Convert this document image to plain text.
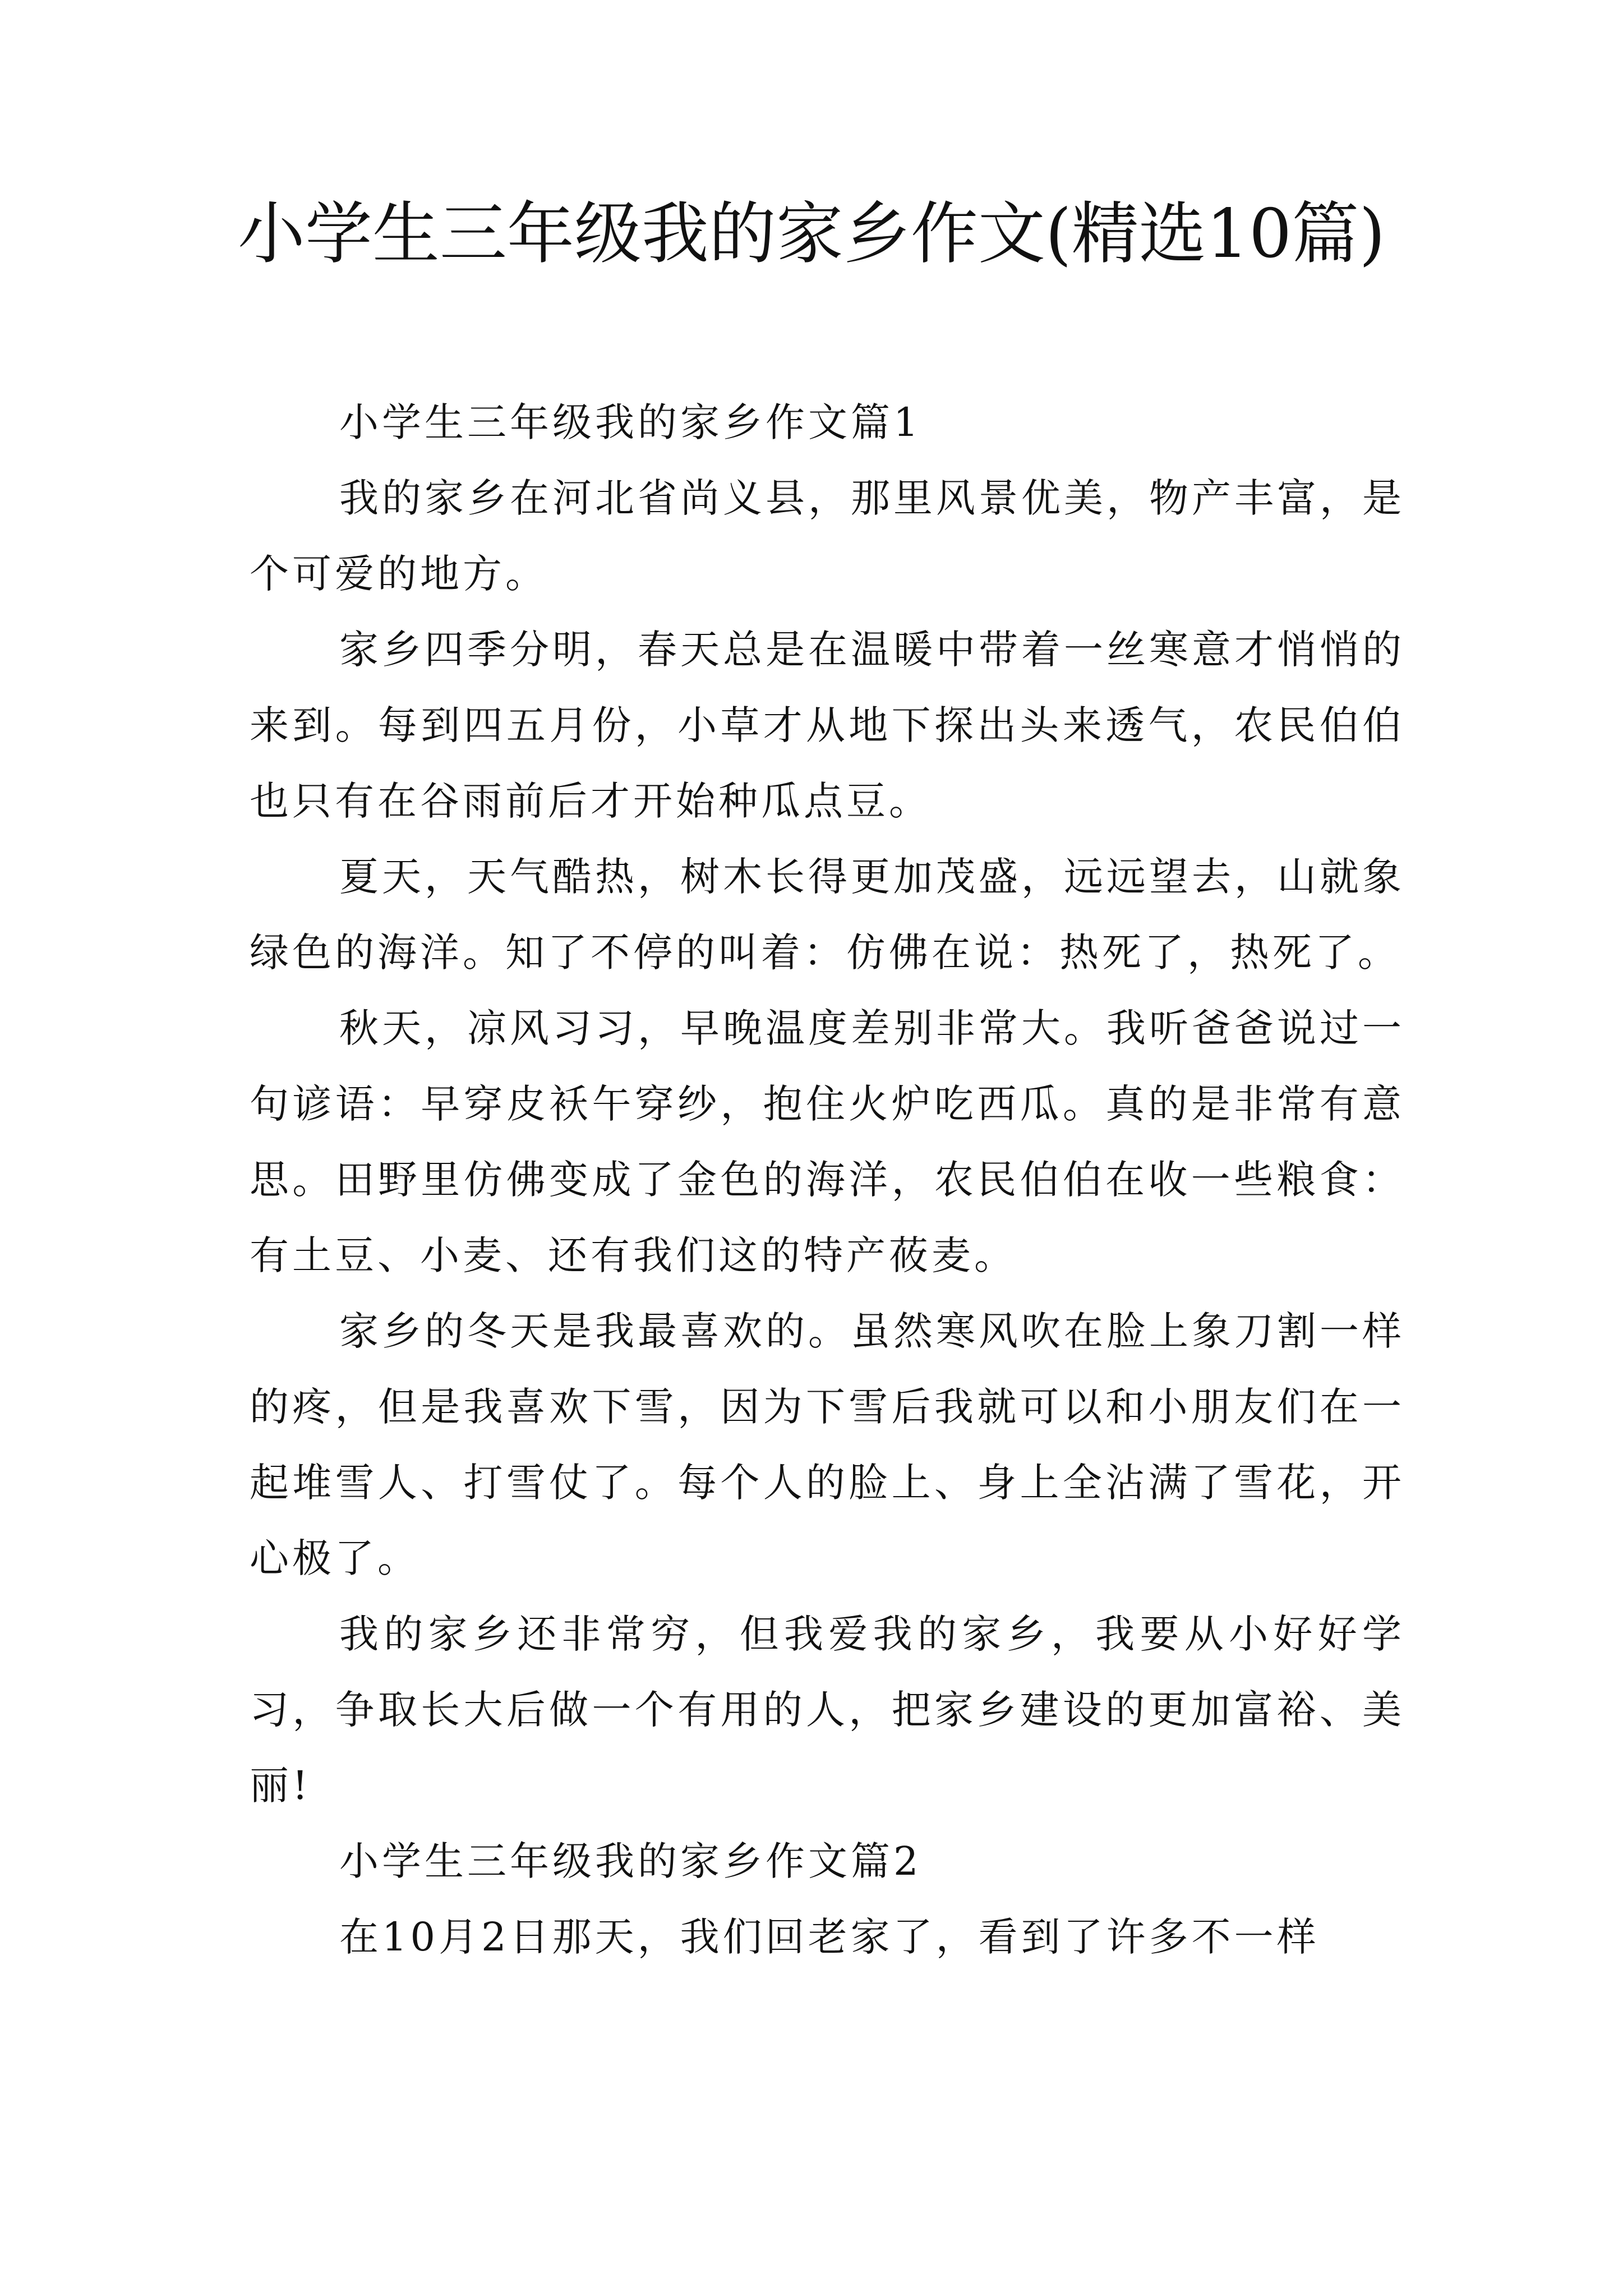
小学生三年级我的家乡作文(精选10篇)
小学生三年级我的家乡作文篇1

我的家乡在河北省尚义县，那里风景优美，物产丰富，是个可爱的地方。

家乡四季分明，春天总是在温暖中带着一丝寒意才悄悄的来到。每到四五月份，小草才从地下探出头来透气，农民伯伯也只有在谷雨前后才开始种瓜点豆。

夏天，天气酷热，树木长得更加茂盛，远远望去，山就象绿色的海洋。知了不停的叫着：仿佛在说：热死了，热死了。

秋天，凉风习习，早晚温度差别非常大。我听爸爸说过一句谚语：早穿皮袄午穿纱，抱住火炉吃西瓜。真的是非常有意思。田野里仿佛变成了金色的海洋，农民伯伯在收一些粮食：有土豆、小麦、还有我们这的特产莜麦。

家乡的冬天是我最喜欢的。虽然寒风吹在脸上象刀割一样的疼，但是我喜欢下雪，因为下雪后我就可以和小朋友们在一起堆雪人、打雪仗了。每个人的脸上、身上全沾满了雪花，开心极了。

我的家乡还非常穷，但我爱我的家乡，我要从小好好学习，争取长大后做一个有用的人，把家乡建设的更加富裕、美丽!

小学生三年级我的家乡作文篇2

在10月2日那天，我们回老家了，看到了许多不一样
